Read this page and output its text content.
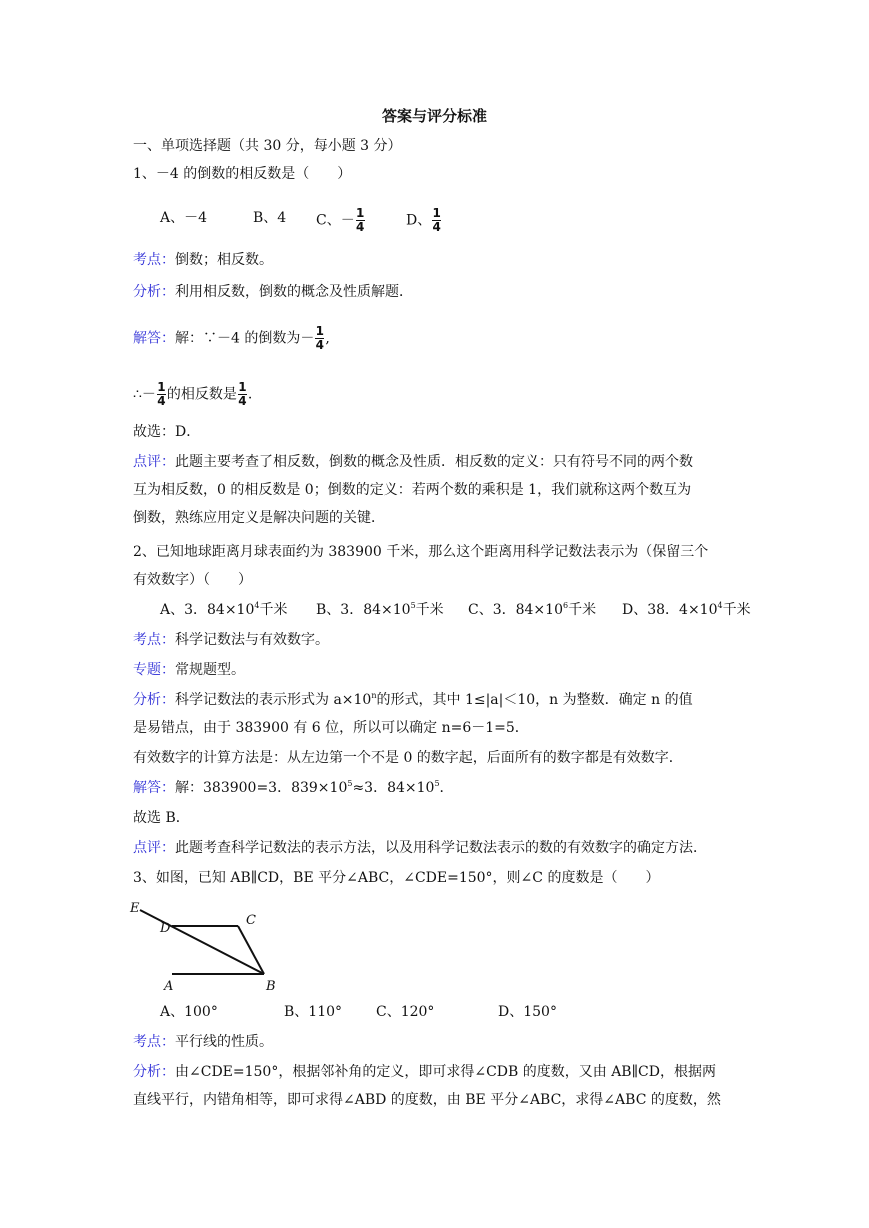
答案与评分标准
一、单项选择题（共 30 分，每小题 3 分）
1、－4 的倒数的相反数是（　　）
A、－4	B、4 C、－ $\frac{1}{4}$	D、 $\frac{1}{4}$
考点：倒数；相反数。
分析：利用相反数，倒数的概念及性质解题．
解答：解：∵－4 的倒数为－ $\frac{1}{4}$ ,
∴－ $\frac{1}{4}$ 的相反数是 $\frac{1}{4}$ .
故选：D．
点评：此题主要考查了相反数，倒数的概念及性质．相反数的定义：只有符号不同的两个数
互为相反数，0 的相反数是 0；倒数的定义：若两个数的乘积是 1，我们就称这两个数互为
倒数，熟练应用定义是解决问题的关键．
2、已知地球距离月球表面约为 383900 千米，那么这个距离用科学记数法表示为（保留三个
有效数字）（　　）
A、3．$84\times 10^4$千米 B、3．$84\times 10^5$千米 C、3．$84\times 10^6$千米 D、38．$4\times 10^4$千米
考点：科学记数法与有效数字。
专题：常规题型。
分析：科学记数法的表示形式为 $a\times 10^n$的形式，其中 1≤|a|＜10，n 为整数．确定 n 的值
是易错点，由于 383900 有 6 位，所以可以确定 n=6－1=5．
有效数字的计算方法是：从左边第一个不是 0 的数字起，后面所有的数字都是有效数字．
解答：解：383900=3．$839\times 10^5\approx 3$．$84\times 10^5$．
故选 B．
点评：此题考查科学记数法的表示方法，以及用科学记数法表示的数的有效数字的确定方法．
3、如图，已知 AB∥CD，BE 平分∠ABC，∠CDE=150°，则∠C 的度数是（　　）
E
D
C
A	B
A、100°	B、110° C、120°	D、150°
考点：平行线的性质。
分析：由∠CDE=150°，根据邻补角的定义，即可求得∠CDB 的度数，又由 AB∥CD，根据两
直线平行，内错角相等，即可求得∠ABD 的度数，由 BE 平分∠ABC，求得∠ABC 的度数，然
